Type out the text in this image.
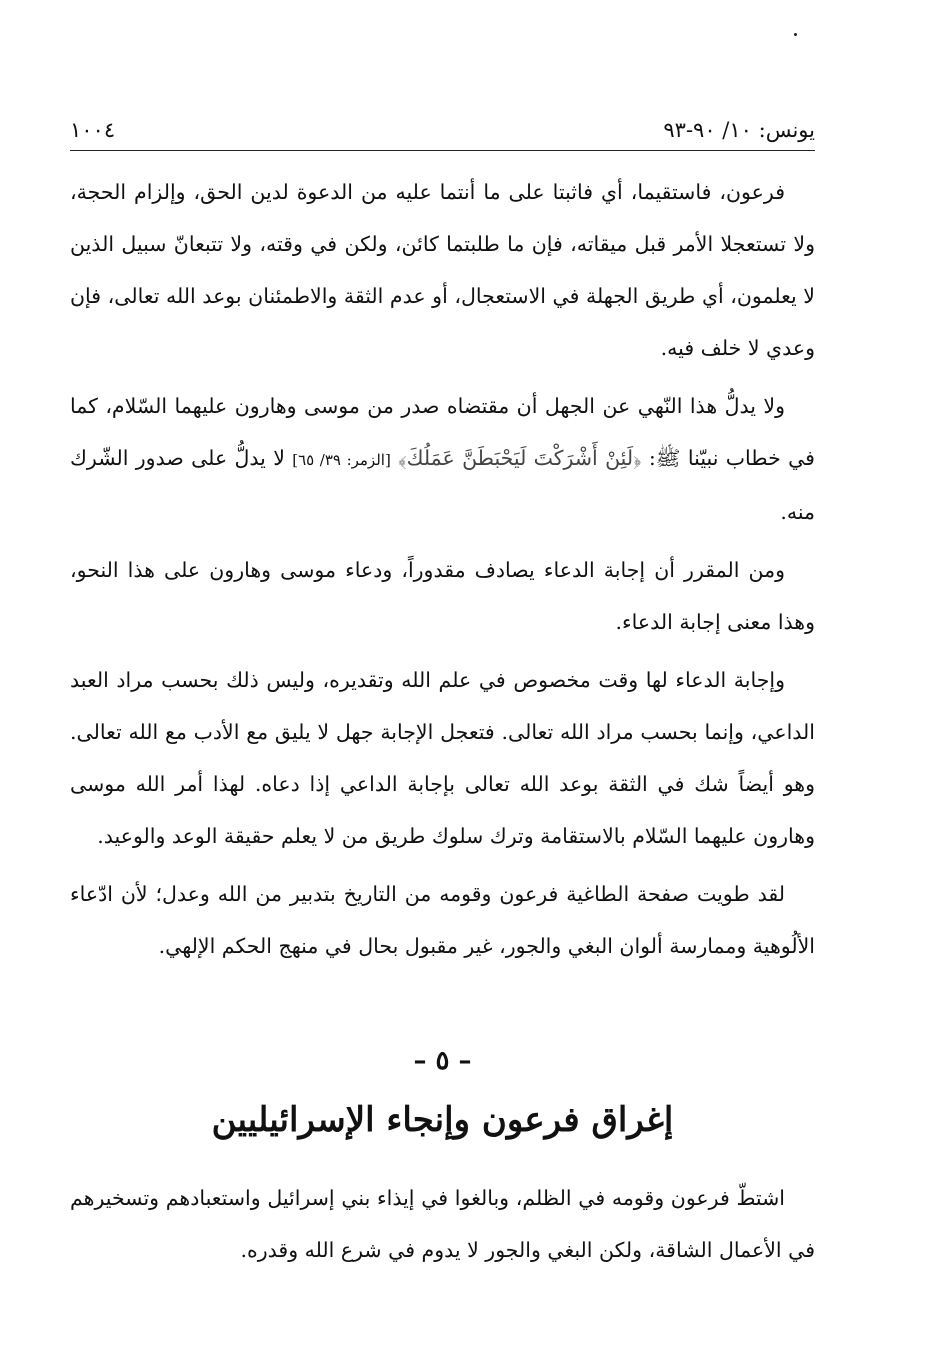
يونس: ١٠/ ٩٠-٩٣
١٠٠٤

فرعون، فاستقيما، أي فاثبتا على ما أنتما عليه من الدعوة لدين الحق، وإلزام الحجة، ولا تستعجلا الأمر قبل ميقاته، فإن ما طلبتما كائن، ولكن في وقته، ولا تتبعانّ سبيل الذين لا يعلمون، أي طريق الجهلة في الاستعجال، أو عدم الثقة والاطمئنان بوعد الله تعالى، فإن وعدي لا خلف فيه.

ولا يدلُّ هذا النّهي عن الجهل أن مقتضاه صدر من موسى وهارون عليهما السّلام، كما في خطاب نبيّنا ﷺ: ﴿لَئِنْ أَشْرَكْتَ لَيَحْبَطَنَّ عَمَلُكَ﴾ [الزمر: ٣٩/ ٦٥] لا يدلُّ على صدور الشّرك منه.

ومن المقرر أن إجابة الدعاء يصادف مقدوراً، ودعاء موسى وهارون على هذا النحو، وهذا معنى إجابة الدعاء.

وإجابة الدعاء لها وقت مخصوص في علم الله وتقديره، وليس ذلك بحسب مراد العبد الداعي، وإنما بحسب مراد الله تعالى. فتعجل الإجابة جهل لا يليق مع الأدب مع الله تعالى. وهو أيضاً شك في الثقة بوعد الله تعالى بإجابة الداعي إذا دعاه. لهذا أمر الله موسى وهارون عليهما السّلام بالاستقامة وترك سلوك طريق من لا يعلم حقيقة الوعد والوعيد.

لقد طويت صفحة الطاغية فرعون وقومه من التاريخ بتدبير من الله وعدل؛ لأن ادّعاء الألُوهية وممارسة ألوان البغي والجور، غير مقبول بحال في منهج الحكم الإلهي.

– ٥ –
إغراق فرعون وإنجاء الإسرائيليين

اشتطّ فرعون وقومه في الظلم، وبالغوا في إيذاء بني إسرائيل واستعبادهم وتسخيرهم في الأعمال الشاقة، ولكن البغي والجور لا يدوم في شرع الله وقدره.
